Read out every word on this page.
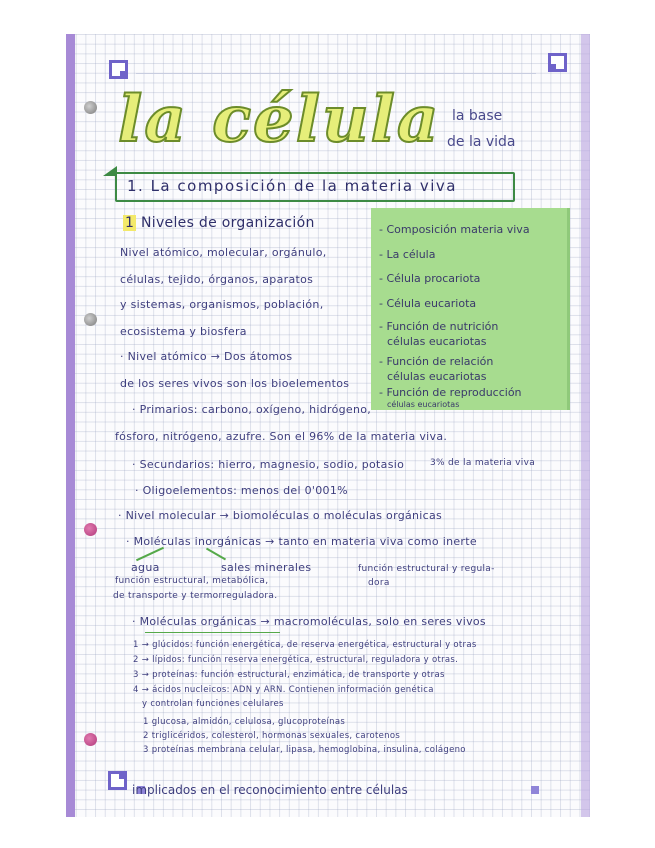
la célula la base
de la vida
1. La composición de la materia viva
1 Niveles de organización
Nivel atómico, molecular, orgánulo,
células, tejido, órganos, aparatos
y sistemas, organismos, población,
ecosistema y biosfera
· Nivel atómico → Dos átomos
de los seres vivos son los bioelementos
· Primarios: carbono, oxígeno, hidrógeno,
fósforo, nitrógeno, azufre. Son el 96% de la materia viva.
· Secundarios: hierro, magnesio, sodio, potasio	3% de la materia viva
· Oligoelementos: menos del 0'001%
· Nivel molecular → biomoléculas o moléculas orgánicas
· Moléculas inorgánicas → tanto en materia viva como inerte
agua	sales minerales	función estructural y regula-
función estructural, metabólica,	dora
de transporte y termorreguladora.
· Moléculas orgánicas → macromoléculas, solo en seres vivos
1 → glúcidos: función energética, de reserva energética, estructural y otras
2 → lípidos: función reserva energética, estructural, reguladora y otras.
3 → proteínas: función estructural, enzimática, de transporte y otras
4 → ácidos nucleicos: ADN y ARN. Contienen información genética
y controlan funciones celulares
1 glucosa, almidón, celulosa, glucoproteínas
2 triglicéridos, colesterol, hormonas sexuales, carotenos
3 proteínas membrana celular, lipasa, hemoglobina, insulina, colágeno
- Composición materia viva
- La célula
- Célula procariota
- Célula eucariota
- Función de nutrición
células eucariotas
- Función de relación
células eucariotas
- Función de reproducción
células eucariotas
implicados en el reconocimiento entre células
